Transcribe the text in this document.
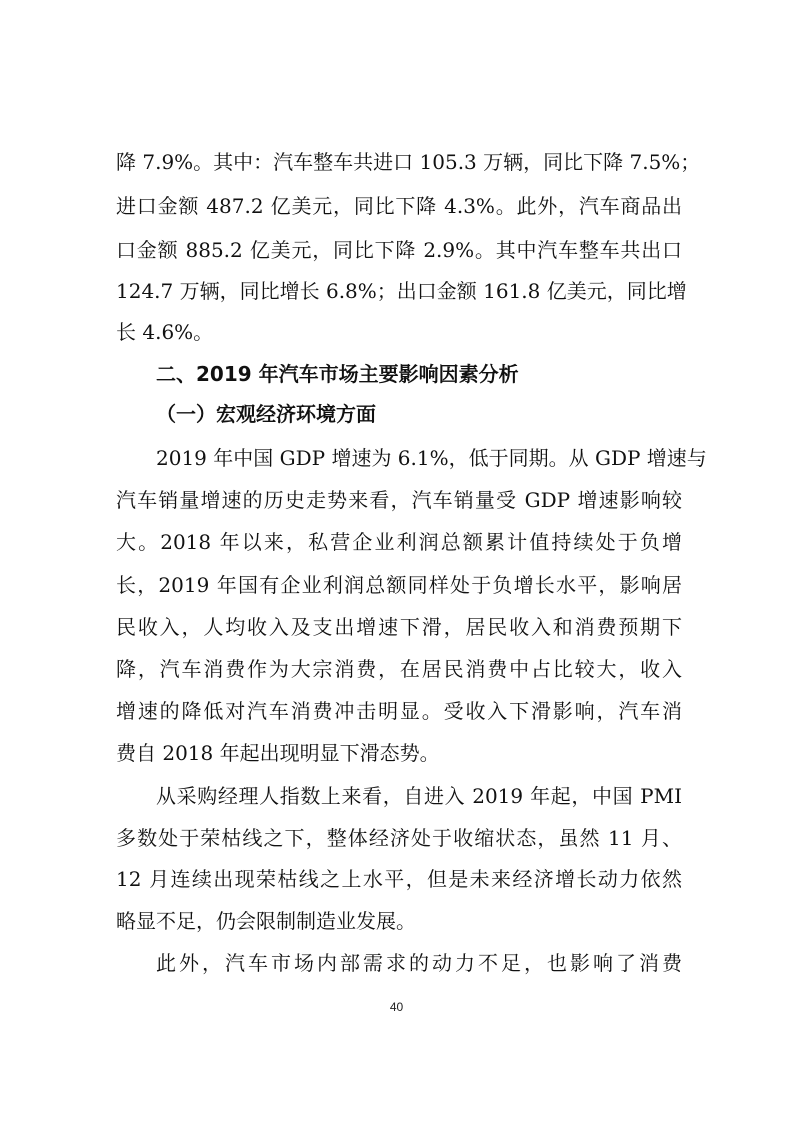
降 7.9%。其中：汽车整车共进口 105.3 万辆，同比下降 7.5%；
进口金额 487.2 亿美元，同比下降 4.3%。此外，汽车商品出
口金额 885.2 亿美元，同比下降 2.9%。其中汽车整车共出口
124.7 万辆，同比增长 6.8%；出口金额 161.8 亿美元，同比增
长 4.6%。
二、2019 年汽车市场主要影响因素分析
（一）宏观经济环境方面
2019 年中国 GDP 增速为 6.1%，低于同期。从 GDP 增速与
汽车销量增速的历史走势来看，汽车销量受 GDP 增速影响较
大。2018 年以来，私营企业利润总额累计值持续处于负增
长，2019 年国有企业利润总额同样处于负增长水平，影响居
民收入，人均收入及支出增速下滑，居民收入和消费预期下
降，汽车消费作为大宗消费，在居民消费中占比较大，收入
增速的降低对汽车消费冲击明显。受收入下滑影响，汽车消
费自 2018 年起出现明显下滑态势。
从采购经理人指数上来看，自进入 2019 年起，中国 PMI
多数处于荣枯线之下，整体经济处于收缩状态，虽然 11 月、
12 月连续出现荣枯线之上水平，但是未来经济增长动力依然
略显不足，仍会限制制造业发展。
此外，汽车市场内部需求的动力不足，也影响了消费
40
